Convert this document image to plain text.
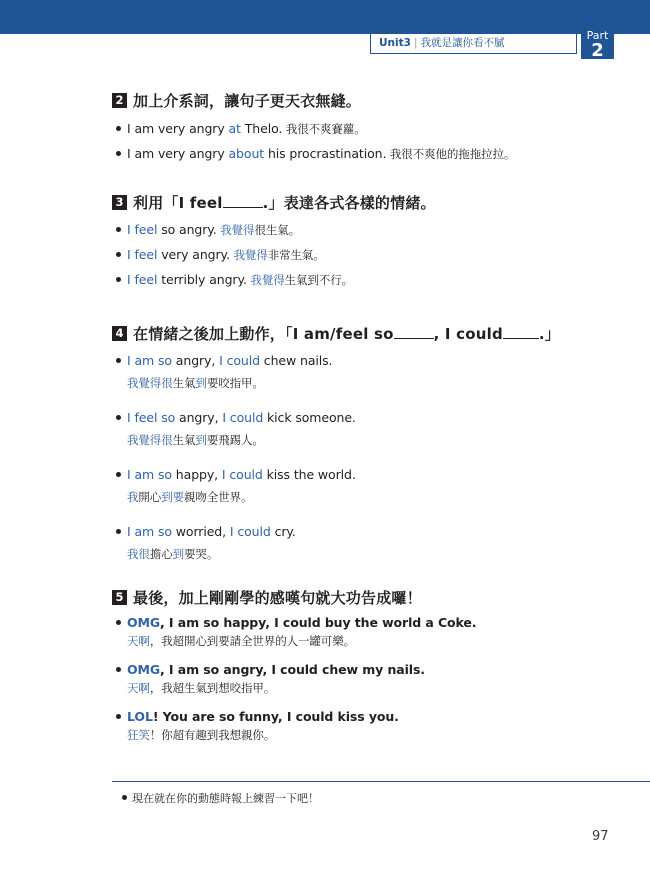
Unit3 | 我就是讓你看不膩
Part
2
2 加上介系詞，讓句子更天衣無縫。
I am very angry at Thelo. 我很不爽賽蘿。
I am very angry about his procrastination. 我很不爽他的拖拖拉拉。
3 利用「I feel	.」表達各式各樣的情緒。
I feel so angry. 我覺得很生氣。
I feel very angry. 我覺得非常生氣。
I feel terribly angry. 我覺得生氣到不行。
4 在情緒之後加上動作，「I am/feel so	, I could .」
I am so angry, I could chew nails.
我覺得很生氣到要咬指甲。
I feel so angry, I could kick someone.
我覺得很生氣到要飛踢人。
I am so happy, I could kiss the world.
我開心到要親吻全世界。
I am so worried, I could cry.
我很擔心到要哭。
5 最後，加上剛剛學的感嘆句就大功告成囉！
OMG, I am so happy, I could buy the world a Coke.
天啊，我超開心到要請全世界的人一罐可樂。
OMG, I am so angry, I could chew my nails.
天啊，我超生氣到想咬指甲。
LOL! You are so funny, I could kiss you.
狂笑！你超有趣到我想親你。
現在就在你的動態時報上練習一下吧！
97
